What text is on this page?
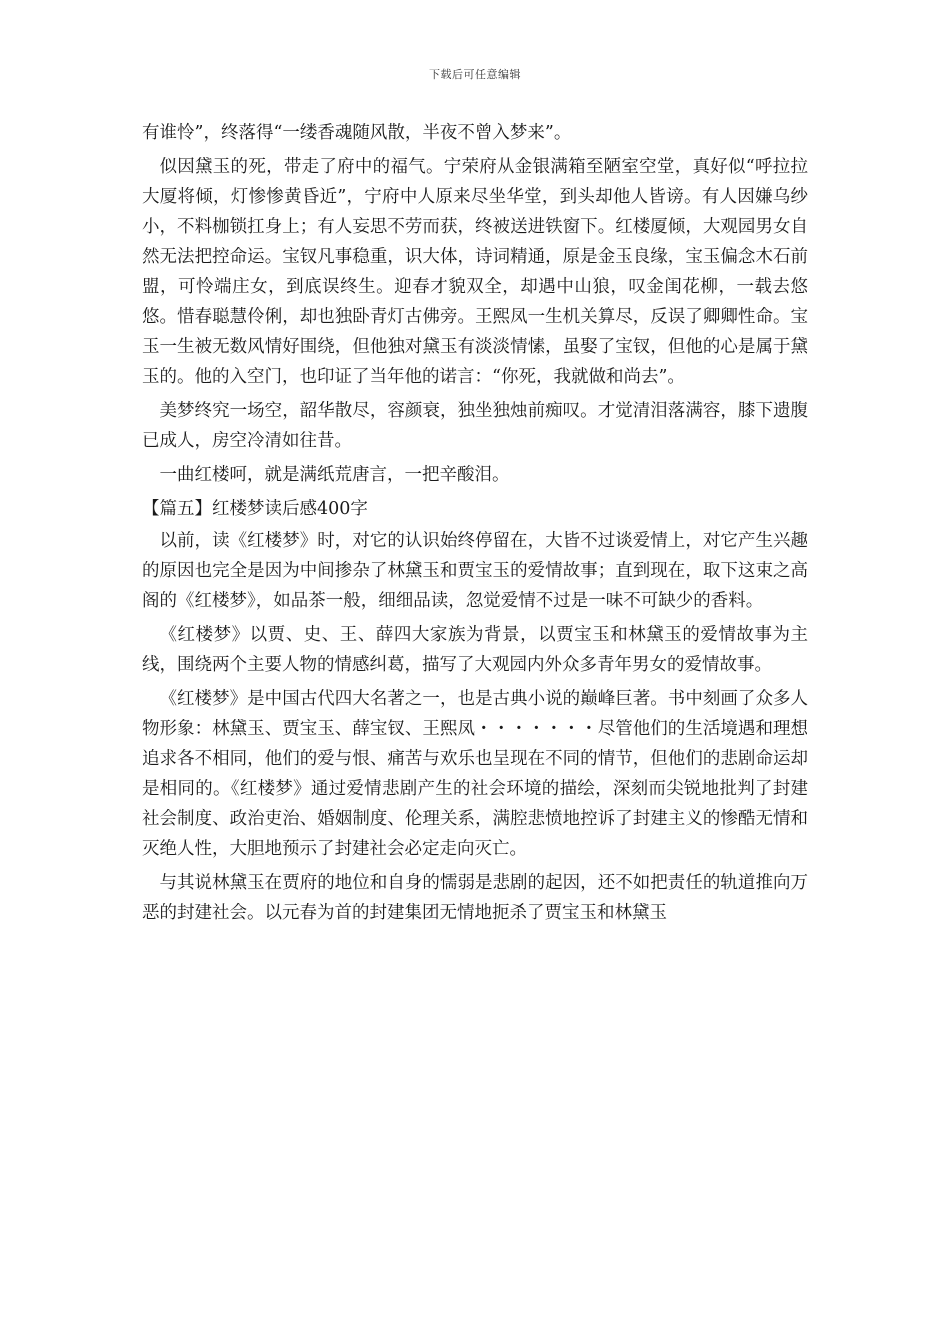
下载后可任意编辑

有谁怜”，终落得“一缕香魂随风散，半夜不曾入梦来”。

似因黛玉的死，带走了府中的福气。宁荣府从金银满箱至陋室空堂，真好似“呼拉拉大厦将倾，灯惨惨黄昏近”，宁府中人原来尽坐华堂，到头却他人皆谤。有人因嫌乌纱小，不料枷锁扛身上；有人妄思不劳而获，终被送进铁窗下。红楼厦倾，大观园男女自然无法把控命运。宝钗凡事稳重，识大体，诗词精通，原是金玉良缘，宝玉偏念木石前盟，可怜端庄女，到底误终生。迎春才貌双全，却遇中山狼，叹金闺花柳，一载去悠悠。惜春聪慧伶俐，却也独卧青灯古佛旁。王熙凤一生机关算尽，反误了卿卿性命。宝玉一生被无数风情好围绕，但他独对黛玉有淡淡情愫，虽娶了宝钗，但他的心是属于黛玉的。他的入空门，也印证了当年他的诺言：“你死，我就做和尚去”。

美梦终究一场空，韶华散尽，容颜衰，独坐独烛前痴叹。才觉清泪落满容，膝下遗腹已成人，房空冷清如往昔。

一曲红楼呵，就是满纸荒唐言，一把辛酸泪。

【篇五】红楼梦读后感400字

以前，读《红楼梦》时，对它的认识始终停留在，大皆不过谈爱情上，对它产生兴趣的原因也完全是因为中间掺杂了林黛玉和贾宝玉的爱情故事；直到现在，取下这束之高阁的《红楼梦》，如品茶一般，细细品读，忽觉爱情不过是一味不可缺少的香料。

《红楼梦》以贾、史、王、薛四大家族为背景，以贾宝玉和林黛玉的爱情故事为主线，围绕两个主要人物的情感纠葛，描写了大观园内外众多青年男女的爱情故事。

《红楼梦》是中国古代四大名著之一，也是古典小说的巅峰巨著。书中刻画了众多人物形象：林黛玉、贾宝玉、薛宝钗、王熙凤・・・・・・・尽管他们的生活境遇和理想追求各不相同，他们的爱与恨、痛苦与欢乐也呈现在不同的情节，但他们的悲剧命运却是相同的。《红楼梦》通过爱情悲剧产生的社会环境的描绘，深刻而尖锐地批判了封建社会制度、政治吏治、婚姻制度、伦理关系，满腔悲愤地控诉了封建主义的惨酷无情和灭绝人性，大胆地预示了封建社会必定走向灭亡。

与其说林黛玉在贾府的地位和自身的懦弱是悲剧的起因，还不如把责任的轨道推向万恶的封建社会。以元春为首的封建集团无情地扼杀了贾宝玉和林黛玉
